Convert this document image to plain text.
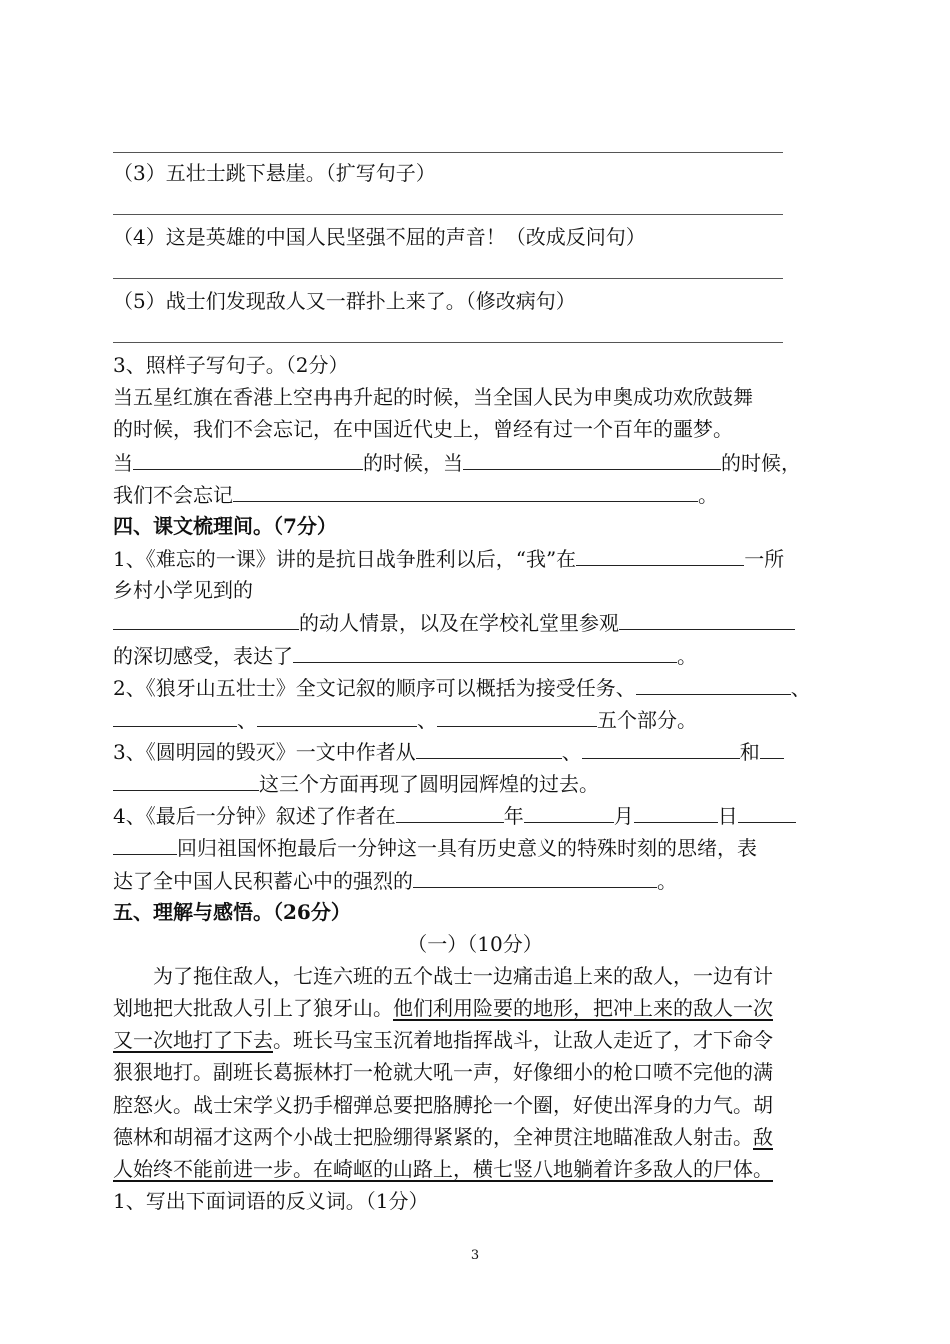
（3）五壮士跳下悬崖。（扩写句子）
（4）这是英雄的中国人民坚强不屈的声音！（改成反问句）
（5）战士们发现敌人又一群扑上来了。（修改病句）
3、照样子写句子。（2分）
当五星红旗在香港上空冉冉升起的时候，当全国人民为申奥成功欢欣鼓舞
的时候，我们不会忘记，在中国近代史上，曾经有过一个百年的噩梦。
当	的时候，当	的时候，
我们不会忘记	。
四、课文梳理间。（7分）
1、《难忘的一课》讲的是抗日战争胜利以后，“我”在	一所
乡村小学见到的
的动人情景，以及在学校礼堂里参观
的深切感受，表达了	。
2、《狼牙山五壮士》全文记叙的顺序可以概括为接受任务、	、
、	、	五个部分。
3、《圆明园的毁灭》一文中作者从	、	和
这三个方面再现了圆明园辉煌的过去。
4、《最后一分钟》叙述了作者在	年	月	日
回归祖国怀抱最后一分钟这一具有历史意义的特殊时刻的思绪，表
达了全中国人民积蓄心中的强烈的	。
五、理解与感悟。（26分）
（一）（10分）
为了拖住敌人，七连六班的五个战士一边痛击追上来的敌人，一边有计
划地把大批敌人引上了狼牙山。他们利用险要的地形，把冲上来的敌人一次
又一次地打了下去。班长马宝玉沉着地指挥战斗，让敌人走近了，才下命令
狠狠地打。副班长葛振林打一枪就大吼一声，好像细小的枪口喷不完他的满
腔怒火。战士宋学义扔手榴弹总要把胳膊抡一个圈，好使出浑身的力气。胡
德林和胡福才这两个小战士把脸绷得紧紧的，全神贯注地瞄准敌人射击。敌
人始终不能前进一步。在崎岖的山路上，横七竖八地躺着许多敌人的尸体。
1、写出下面词语的反义词。（1分）
3
